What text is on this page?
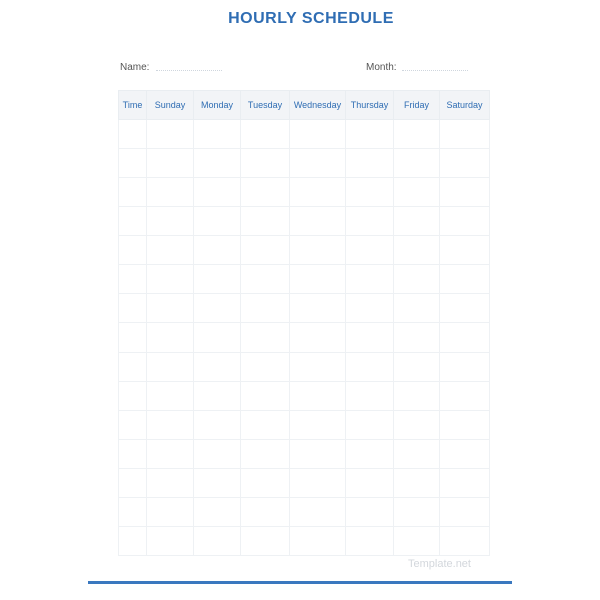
HOURLY SCHEDULE
Name:	Month:
Time	Sunday	Monday	Tuesday	Wednesday	Thursday	Friday	Saturday

Template.net
